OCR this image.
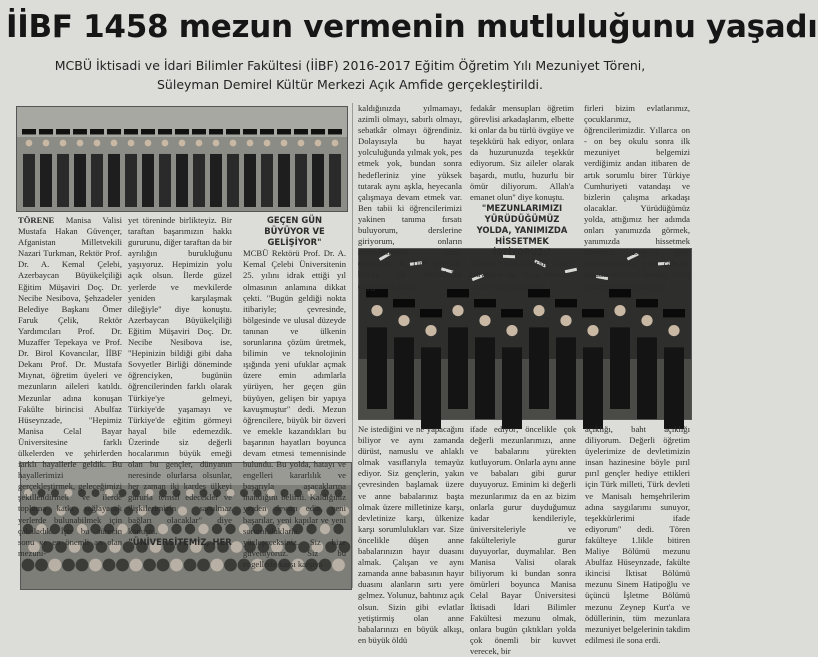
İİBF 1458 mezun vermenin mutluluğunu yaşadı

MCBÜ İktisadi ve İdari Bilimler Fakültesi (İİBF) 2016-2017 Eğitim Öğretim Yılı Mezuniyet Töreni,

Süleyman Demirel Kültür Merkezi Açık Amfide gerçekleştirildi.

TÖRENE Manisa Valisi Mustafa Hakan Güvençer, Afganistan Milletvekili Nazari Turkman, Rektör Prof. Dr. A. Kemal Çelebi, Azerbaycan Büyükelçiliği Eğitim Müşaviri Doç. Dr. Necibe Nesibova, Şehzadeler Belediye Başkanı Ömer Faruk Çelik, Rektör Yardımcıları Prof. Dr. Muzaffer Tepekaya ve Prof. Dr. Birol Kovancılar, İİBF Dekanı Prof. Dr. Mustafa Mıynat, öğretim üyeleri ve mezunların aileleri katıldı. Mezunlar adına konuşan Fakülte birincisi Abulfaz Hüseynzade, "Hepimiz Manisa Celal Bayar Üniversitesine farklı ülkelerden ve şehirlerden farklı hayallerle geldik. Bu hayallerimizi gerçekleştirmek, geleceğimizi şekillendirmek ve ilerde topluma katkı sağlayacak yerlerde bulunabilmek için çabaladık. İşte bu sürecin sonu ve en önemli an olan mezuni-

yet töreninde birlikteyiz. Bir taraftan başarımızın hakkı gururunu, diğer taraftan da bir ayrılığın burukluğunu yaşıyoruz. Hepimizin yolu açık olsun. İlerde güzel yerlerde ve mevkilerde yeniden karşılaşmak dileğiyle" diye konuştu. Azerbaycan Büyükelçiliği Eğitim Müşaviri Doç. Dr. Necibe Nesibova ise, "Hepinizin bildiği gibi daha Sovyetler Birliği döneminde öğrenciyken, bugünün öğrencilerinden farklı olarak Türkiye'ye gelmeyi, Türkiye'de yaşamayı ve Türkiye'de eğitim görmeyi hayal bile edemezdik. Üzerinde siz değerli hocalarımın büyük emeği olan bu gençler, dünyanın neresinde olurlarsa olsunlar, her zaman iki kardeş ülkeyi gururla temsil edecekler ve ilişkilerimizin sarsılmaz bağları olacaklar" diye konuştu.

"ÜNİVERSİTEMİZ, HER

GEÇEN GÜN BÜYÜYOR VE GELİŞİYOR"

MCBÜ Rektörü Prof. Dr. A. Kemal Çelebi Üniversitenin 25. yılını idrak ettiği yıl olmasının anlamına dikkat çekti. "Bugün geldiği nokta itibariyle; çevresinde, bölgesinde ve ulusal düzeyde tanınan ve ülkenin sorunlarına çözüm üretmek, bilimin ve teknolojinin ışığında yeni ufuklar açmak üzere emin adımlarla yürüyen, her geçen gün büyüyen, gelişen bir yapıya kavuşmuştur" dedi. Mezun öğrencilere, büyük bir özveri ve emekle kazandıkları bu başarının hayatları boyunca devam etmesi temennisinde bulundu. Bu yolda, hatayı ve engelleri kararlılık ve başarıyla aşacaklarına inandığını belirtti. Kaldığınız yerden devam edin, yeni başarılar, yeni kapılar ve yeni sorumluluklarla yüzleşeceksiniz. Siz bize güveniyoruz. Siz bu engellerle karşı karşıya

kaldığınızda yılmamayı, azimli olmayı, sabırlı olmayı, sebatkâr olmayı öğrendiniz. Dolayısıyla bu hayat yolculuğunda yılmak yok, pes etmek yok, bundan sonra hedefleriniz yine yüksek tutarak aynı aşkla, heyecanla çalışmaya devam etmek var. Ben tabii ki öğrencilerimizi yakinen tanıma fırsatı buluyorum, derslerine giriyorum, onların memnuniyetle ifade edebilirim ki Türk gençliği büyük bir sorumluluk duygusuna sahip.

fedakâr mensupları öğretim görevlisi arkadaşlarım, elbette ki onlar da bu türlü övgüye ve teşekkürü hak ediyor, onlara da huzurunuzda teşekkür ediyorum. Siz aileler olarak başardı, mutlu, huzurlu bir ömür diliyorum. Allah'a emanet olun" diye konuştu.

"MEZUNLARIMIZI YÜRÜDÜĞÜMÜZ YOLDA, YANIMIZDA HİSSETMEK İSTİYORUZ."

Manisa Valisi Mustafa Hakan Güvençer ise "Aynı heyecanı sizlerle paylaştığımızı

firleri bizim evlatlarımız, çocuklarımız, öğrencilerimizdir. Yıllarca on - on beş okulu sonra ilk mezuniyet belgemizi verdiğimiz andan itibaren de artık sorumlu birer Türkiye Cumhuriyeti vatandaşı ve bizlerin çalışma arkadaşı olacaklar. Yürüdüğümüz yolda, attığımız her adımda onları yanımızda görmek, yanımızda hissetmek istiyoruz. Değerli genç mezunlarımıza, yeni çalışma arkadaşlarımıza bundan sonra yürüyecekleri yolda yol

Ne istediğini ve ne yapacağını biliyor ve aynı zamanda dürüst, namuslu ve ahlaklı olmak vasıflarıyla temayüz ediyor. Siz gençlerin, yakın çevresinden başlamak üzere ve anne babalarınız başta olmak üzere milletinize karşı, devletinize karşı, ülkenize karşı sorumlulukları var. Size öncelikle düşen anne babalarınızın hayır duasını almak. Çalışan ve aynı zamanda anne babasının hayır duasını alanların sırtı yere gelmez. Yolunuz, bahtınız açık olsun. Sizin gibi evlatlar yetiştirmiş olan anne babalarınızı en büyük alkışı, en büyük öldü

ifade ediyor; öncelikle çok değerli mezunlarımızı, anne ve babalarını yürekten kutluyorum. Onlarla aynı anne ve babaları gibi gurur duyuyoruz. Eminim ki değerli mezunlarımız da en az bizim onlarla gurur duyduğumuz kadar kendileriyle, üniversiteleriyle ve fakülteleriyle gurur duyuyorlar, duymalılar. Ben Manisa Valisi olarak biliyorum ki bundan sonra ömürleri boyunca Manisa Celal Bayar Üniversitesi İktisadi İdari Bilimler Fakültesi mezunu olmak, onlara bugün çıktıkları yolda çok önemli bir kuvvet verecek, bir

açıklığı, baht açıklığı diliyorum. Değerli öğretim üyelerimize de devletimizin insan hazinesine böyle pırıl pırıl gençler hediye ettikleri için Türk milleti, Türk devleti ve Manisalı hemşehrilerim adına saygılarımı sunuyor, teşekkürlerimi ifade ediyorum" dedi. Tören fakülteye 1.likle bitiren Maliye Bölümü mezunu Abulfaz Hüseynzade, fakülte ikincisi İktisat Bölümü mezunu Sinem Hatipoğlu ve üçüncü İşletme Bölümü mezunu Zeynep Kurt'a ve ödüllerinin, tüm mezunlara mezuniyet belgelerinin takdim edilmesi ile sona erdi.
